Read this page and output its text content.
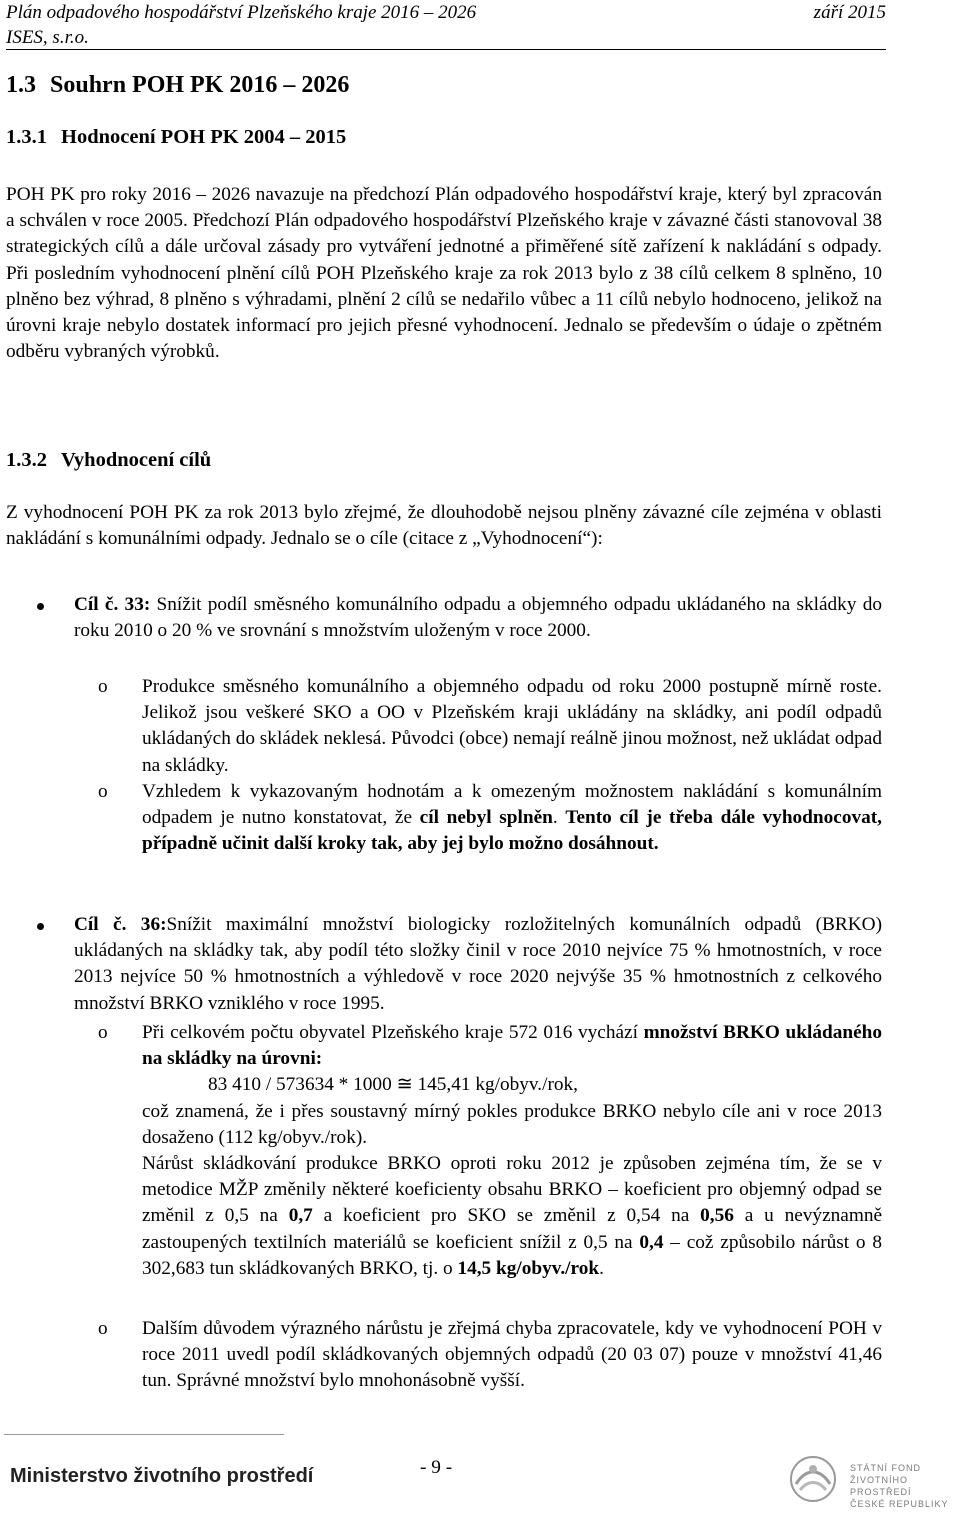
Plán odpadového hospodářství Plzeňského kraje 2016 – 2026	září 2015
ISES, s.r.o.
1.3 Souhrn POH PK 2016 – 2026
1.3.1 Hodnocení POH PK 2004 – 2015
POH PK pro roky 2016 – 2026 navazuje na předchozí Plán odpadového hospodářství kraje, který byl zpracován a schválen v roce 2005. Předchozí Plán odpadového hospodářství Plzeňského kraje v závazné části stanovoval 38 strategických cílů a dále určoval zásady pro vytváření jednotné a přiměřené sítě zařízení k nakládání s odpady. Při posledním vyhodnocení plnění cílů POH Plzeňského kraje za rok 2013 bylo z 38 cílů celkem 8 splněno, 10 plněno bez výhrad, 8 plněno s výhradami, plnění 2 cílů se nedařilo vůbec a 11 cílů nebylo hodnoceno, jelikož na úrovni kraje nebylo dostatek informací pro jejich přesné vyhodnocení. Jednalo se především o údaje o zpětném odběru vybraných výrobků.
1.3.2 Vyhodnocení cílů
Z vyhodnocení POH PK za rok 2013 bylo zřejmé, že dlouhodobě nejsou plněny závazné cíle zejména v oblasti nakládání s komunálními odpady. Jednalo se o cíle (citace z „Vyhodnocení“):
Cíl č. 33: Snížit podíl směsného komunálního odpadu a objemného odpadu ukládaného na skládky do roku 2010 o 20 % ve srovnání s množstvím uloženým v roce 2000.
o Produkce směsného komunálního a objemného odpadu od roku 2000 postupně mírně roste. Jelikož jsou veškeré SKO a OO v Plzeňském kraji ukládány na skládky, ani podíl odpadů ukládaných do skládek neklesá. Původci (obce) nemají reálně jinou možnost, než ukládat odpad na skládky.
o Vzhledem k vykazovaným hodnotám a k omezeným možnostem nakládání s komunálním odpadem je nutno konstatovat, že cíl nebyl splněn. Tento cíl je třeba dále vyhodnocovat, případně učinit další kroky tak, aby jej bylo možno dosáhnout.
Cíl č. 36:Snížit maximální množství biologicky rozložitelných komunálních odpadů (BRKO) ukládaných na skládky tak, aby podíl této složky činil v roce 2010 nejvíce 75 % hmotnostních, v roce 2013 nejvíce 50 % hmotnostních a výhledově v roce 2020 nejvýše 35 % hmotnostních z celkového množství BRKO vzniklého v roce 1995.
o Při celkovém počtu obyvatel Plzeňského kraje 572 016 vychází množství BRKO ukládaného na skládky na úrovni:
83 410 / 573634 * 1000 ≅ 145,41 kg/obyv./rok,
což znamená, že i přes soustavný mírný pokles produkce BRKO nebylo cíle ani v roce 2013 dosaženo (112 kg/obyv./rok).
Nárůst skládkování produkce BRKO oproti roku 2012 je způsoben zejména tím, že se v metodice MŽP změnily některé koeficienty obsahu BRKO – koeficient pro objemný odpad se změnil z 0,5 na 0,7 a koeficient pro SKO se změnil z 0,54 na 0,56 a u nevýznamně zastoupených textilních materiálů se koeficient snížil z 0,5 na 0,4 – což způsobilo nárůst o 8 302,683 tun skládkovaných BRKO, tj. o 14,5 kg/obyv./rok.
o Dalším důvodem výrazného nárůstu je zřejmá chyba zpracovatele, kdy ve vyhodnocení POH v roce 2011 uvedl podíl skládkovaných objemných odpadů (20 03 07) pouze v množství 41,46 tun. Správné množství bylo mnohonásobně vyšší.
Ministerstvo životního prostředí	- 9 -	STÁTNÍ FOND
ŽIVOTNÍHO PROSTŘEDÍ
ČESKÉ REPUBLIKY
